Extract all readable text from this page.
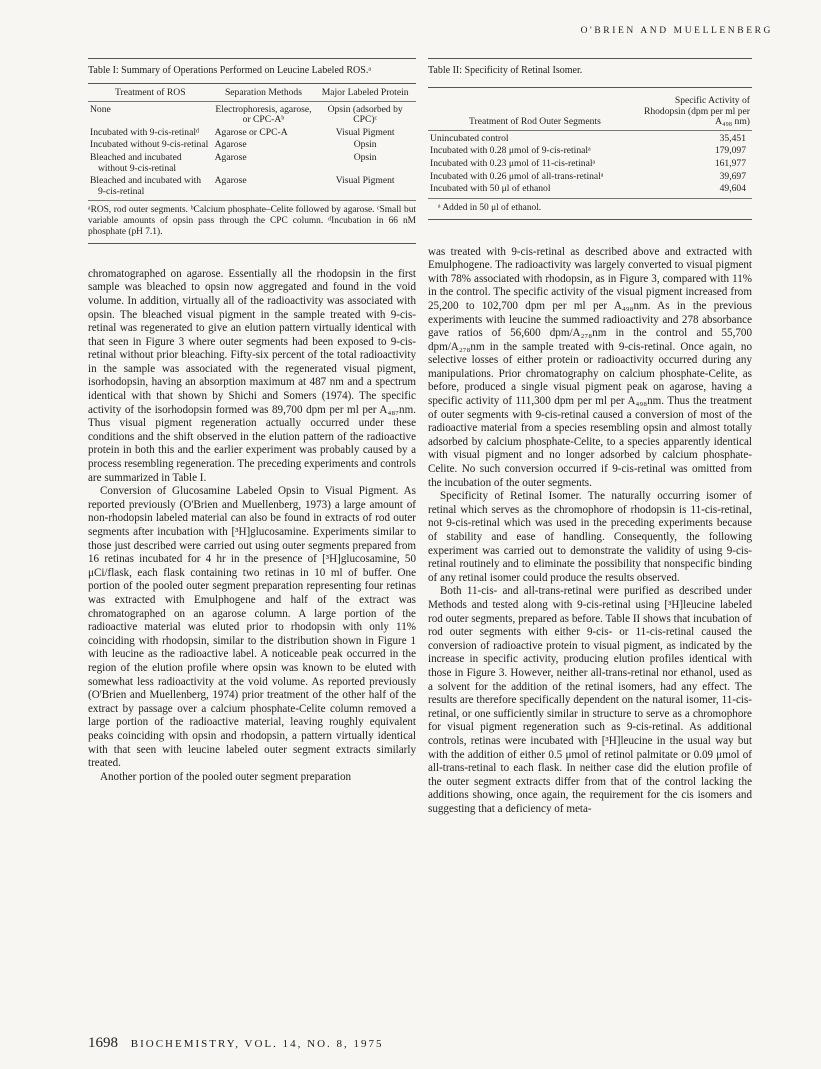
O'BRIEN AND MUELLENBERG

Table I: Summary of Operations Performed on Leucine Labeled ROS.ᵃ

Treatment of ROS	Separation Methods	Major Labeled Protein
None	Electrophoresis, agarose, or CPC-Aᵇ	Opsin (adsorbed by CPC)ᶜ
Incubated with 9-cis-retinalᵈ	Agarose or CPC-A	Visual Pigment
Incubated without 9-cis-retinal	Agarose	Opsin
Bleached and incubated without 9-cis-retinal	Agarose	Opsin
Bleached and incubated with 9-cis-retinal	Agarose	Visual Pigment

ᵃROS, rod outer segments. ᵇCalcium phosphate–Celite followed by agarose. ᶜSmall but variable amounts of opsin pass through the CPC column. ᵈIncubation in 66 nM phosphate (pH 7.1).

chromatographed on agarose. Essentially all the rhodopsin in the first sample was bleached to opsin now aggregated and found in the void volume. In addition, virtually all of the radioactivity was associated with opsin. The bleached visual pigment in the sample treated with 9-cis-retinal was regenerated to give an elution pattern virtually identical with that seen in Figure 3 where outer segments had been exposed to 9-cis-retinal without prior bleaching. Fifty-six percent of the total radioactivity in the sample was associated with the regenerated visual pigment, isorhodopsin, having an absorption maximum at 487 nm and a spectrum identical with that shown by Shichi and Somers (1974). The specific activity of the isorhodopsin formed was 89,700 dpm per ml per A₄₈₇nm. Thus visual pigment regeneration actually occurred under these conditions and the shift observed in the elution pattern of the radioactive protein in both this and the earlier experiment was probably caused by a process resembling regeneration. The preceding experiments and controls are summarized in Table I.

Conversion of Glucosamine Labeled Opsin to Visual Pigment. As reported previously (O'Brien and Muellenberg, 1973) a large amount of non-rhodopsin labeled material can also be found in extracts of rod outer segments after incubation with [³H]glucosamine. Experiments similar to those just described were carried out using outer segments prepared from 16 retinas incubated for 4 hr in the presence of [³H]glucosamine, 50 μCi/flask, each flask containing two retinas in 10 ml of buffer. One portion of the pooled outer segment preparation representing four retinas was extracted with Emulphogene and half of the extract was chromatographed on an agarose column. A large portion of the radioactive material was eluted prior to rhodopsin with only 11% coinciding with rhodopsin, similar to the distribution shown in Figure 1 with leucine as the radioactive label. A noticeable peak occurred in the region of the elution profile where opsin was known to be eluted with somewhat less radioactivity at the void volume. As reported previously (O'Brien and Muellenberg, 1974) prior treatment of the other half of the extract by passage over a calcium phosphate-Celite column removed a large portion of the radioactive material, leaving roughly equivalent peaks coinciding with opsin and rhodopsin, a pattern virtually identical with that seen with leucine labeled outer segment extracts similarly treated.

Another portion of the pooled outer segment preparation

Table II: Specificity of Retinal Isomer.

Treatment of Rod Outer Segments	Specific Activity of Rhodopsin (dpm per ml per A₄₉₈ nm)
Unincubated control	35,451
Incubated with 0.28 μmol of 9-cis-retinalᵃ	179,097
Incubated with 0.23 μmol of 11-cis-retinalᵃ	161,977
Incubated with 0.26 μmol of all-trans-retinalᵃ	39,697
Incubated with 50 μl of ethanol	49,604

ᵃ Added in 50 μl of ethanol.

was treated with 9-cis-retinal as described above and extracted with Emulphogene. The radioactivity was largely converted to visual pigment with 78% associated with rhodopsin, as in Figure 3, compared with 11% in the control. The specific activity of the visual pigment increased from 25,200 to 102,700 dpm per ml per A₄₉₈nm. As in the previous experiments with leucine the summed radioactivity and 278 absorbance gave ratios of 56,600 dpm/A₂₇₈nm in the control and 55,700 dpm/A₂₇₈nm in the sample treated with 9-cis-retinal. Once again, no selective losses of either protein or radioactivity occurred during any manipulations. Prior chromatography on calcium phosphate-Celite, as before, produced a single visual pigment peak on agarose, having a specific activity of 111,300 dpm per ml per A₄₉₈nm. Thus the treatment of outer segments with 9-cis-retinal caused a conversion of most of the radioactive material from a species resembling opsin and almost totally adsorbed by calcium phosphate-Celite, to a species apparently identical with visual pigment and no longer adsorbed by calcium phosphate-Celite. No such conversion occurred if 9-cis-retinal was omitted from the incubation of the outer segments.

Specificity of Retinal Isomer. The naturally occurring isomer of retinal which serves as the chromophore of rhodopsin is 11-cis-retinal, not 9-cis-retinal which was used in the preceding experiments because of stability and ease of handling. Consequently, the following experiment was carried out to demonstrate the validity of using 9-cis-retinal routinely and to eliminate the possibility that nonspecific binding of any retinal isomer could produce the results observed.

Both 11-cis- and all-trans-retinal were purified as described under Methods and tested along with 9-cis-retinal using [³H]leucine labeled rod outer segments, prepared as before. Table II shows that incubation of rod outer segments with either 9-cis- or 11-cis-retinal caused the conversion of radioactive protein to visual pigment, as indicated by the increase in specific activity, producing elution profiles identical with those in Figure 3. However, neither all-trans-retinal nor ethanol, used as a solvent for the addition of the retinal isomers, had any effect. The results are therefore specifically dependent on the natural isomer, 11-cis-retinal, or one sufficiently similar in structure to serve as a chromophore for visual pigment regeneration such as 9-cis-retinal. As additional controls, retinas were incubated with [³H]leucine in the usual way but with the addition of either 0.5 μmol of retinol palmitate or 0.09 μmol of all-trans-retinal to each flask. In neither case did the elution profile of the outer segment extracts differ from that of the control lacking the additions showing, once again, the requirement for the cis isomers and suggesting that a deficiency of meta-

1698 BIOCHEMISTRY, VOL. 14, NO. 8, 1975
